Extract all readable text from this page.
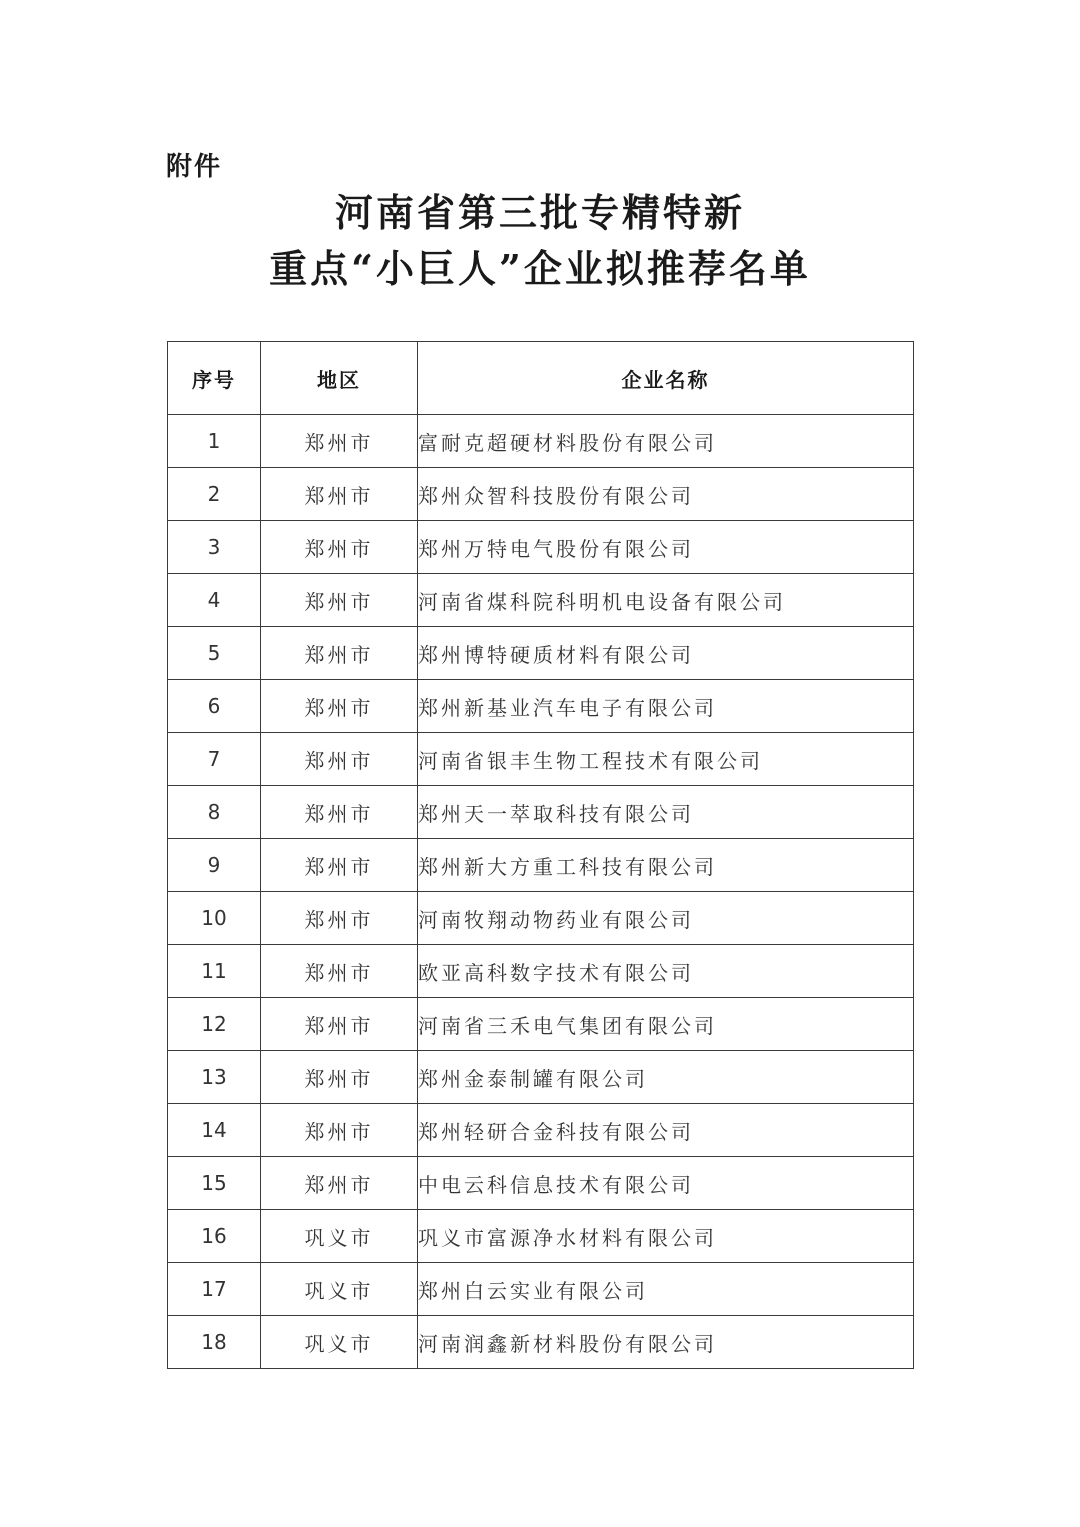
附件
河南省第三批专精特新
重点“小巨人”企业拟推荐名单
序号	地区	企业名称
1	郑州市	富耐克超硬材料股份有限公司
2	郑州市	郑州众智科技股份有限公司
3	郑州市	郑州万特电气股份有限公司
4	郑州市	河南省煤科院科明机电设备有限公司
5	郑州市	郑州博特硬质材料有限公司
6	郑州市	郑州新基业汽车电子有限公司
7	郑州市	河南省银丰生物工程技术有限公司
8	郑州市	郑州天一萃取科技有限公司
9	郑州市	郑州新大方重工科技有限公司
10	郑州市	河南牧翔动物药业有限公司
11	郑州市	欧亚高科数字技术有限公司
12	郑州市	河南省三禾电气集团有限公司
13	郑州市	郑州金泰制罐有限公司
14	郑州市	郑州轻研合金科技有限公司
15	郑州市	中电云科信息技术有限公司
16	巩义市	巩义市富源净水材料有限公司
17	巩义市	郑州白云实业有限公司
18	巩义市	河南润鑫新材料股份有限公司
